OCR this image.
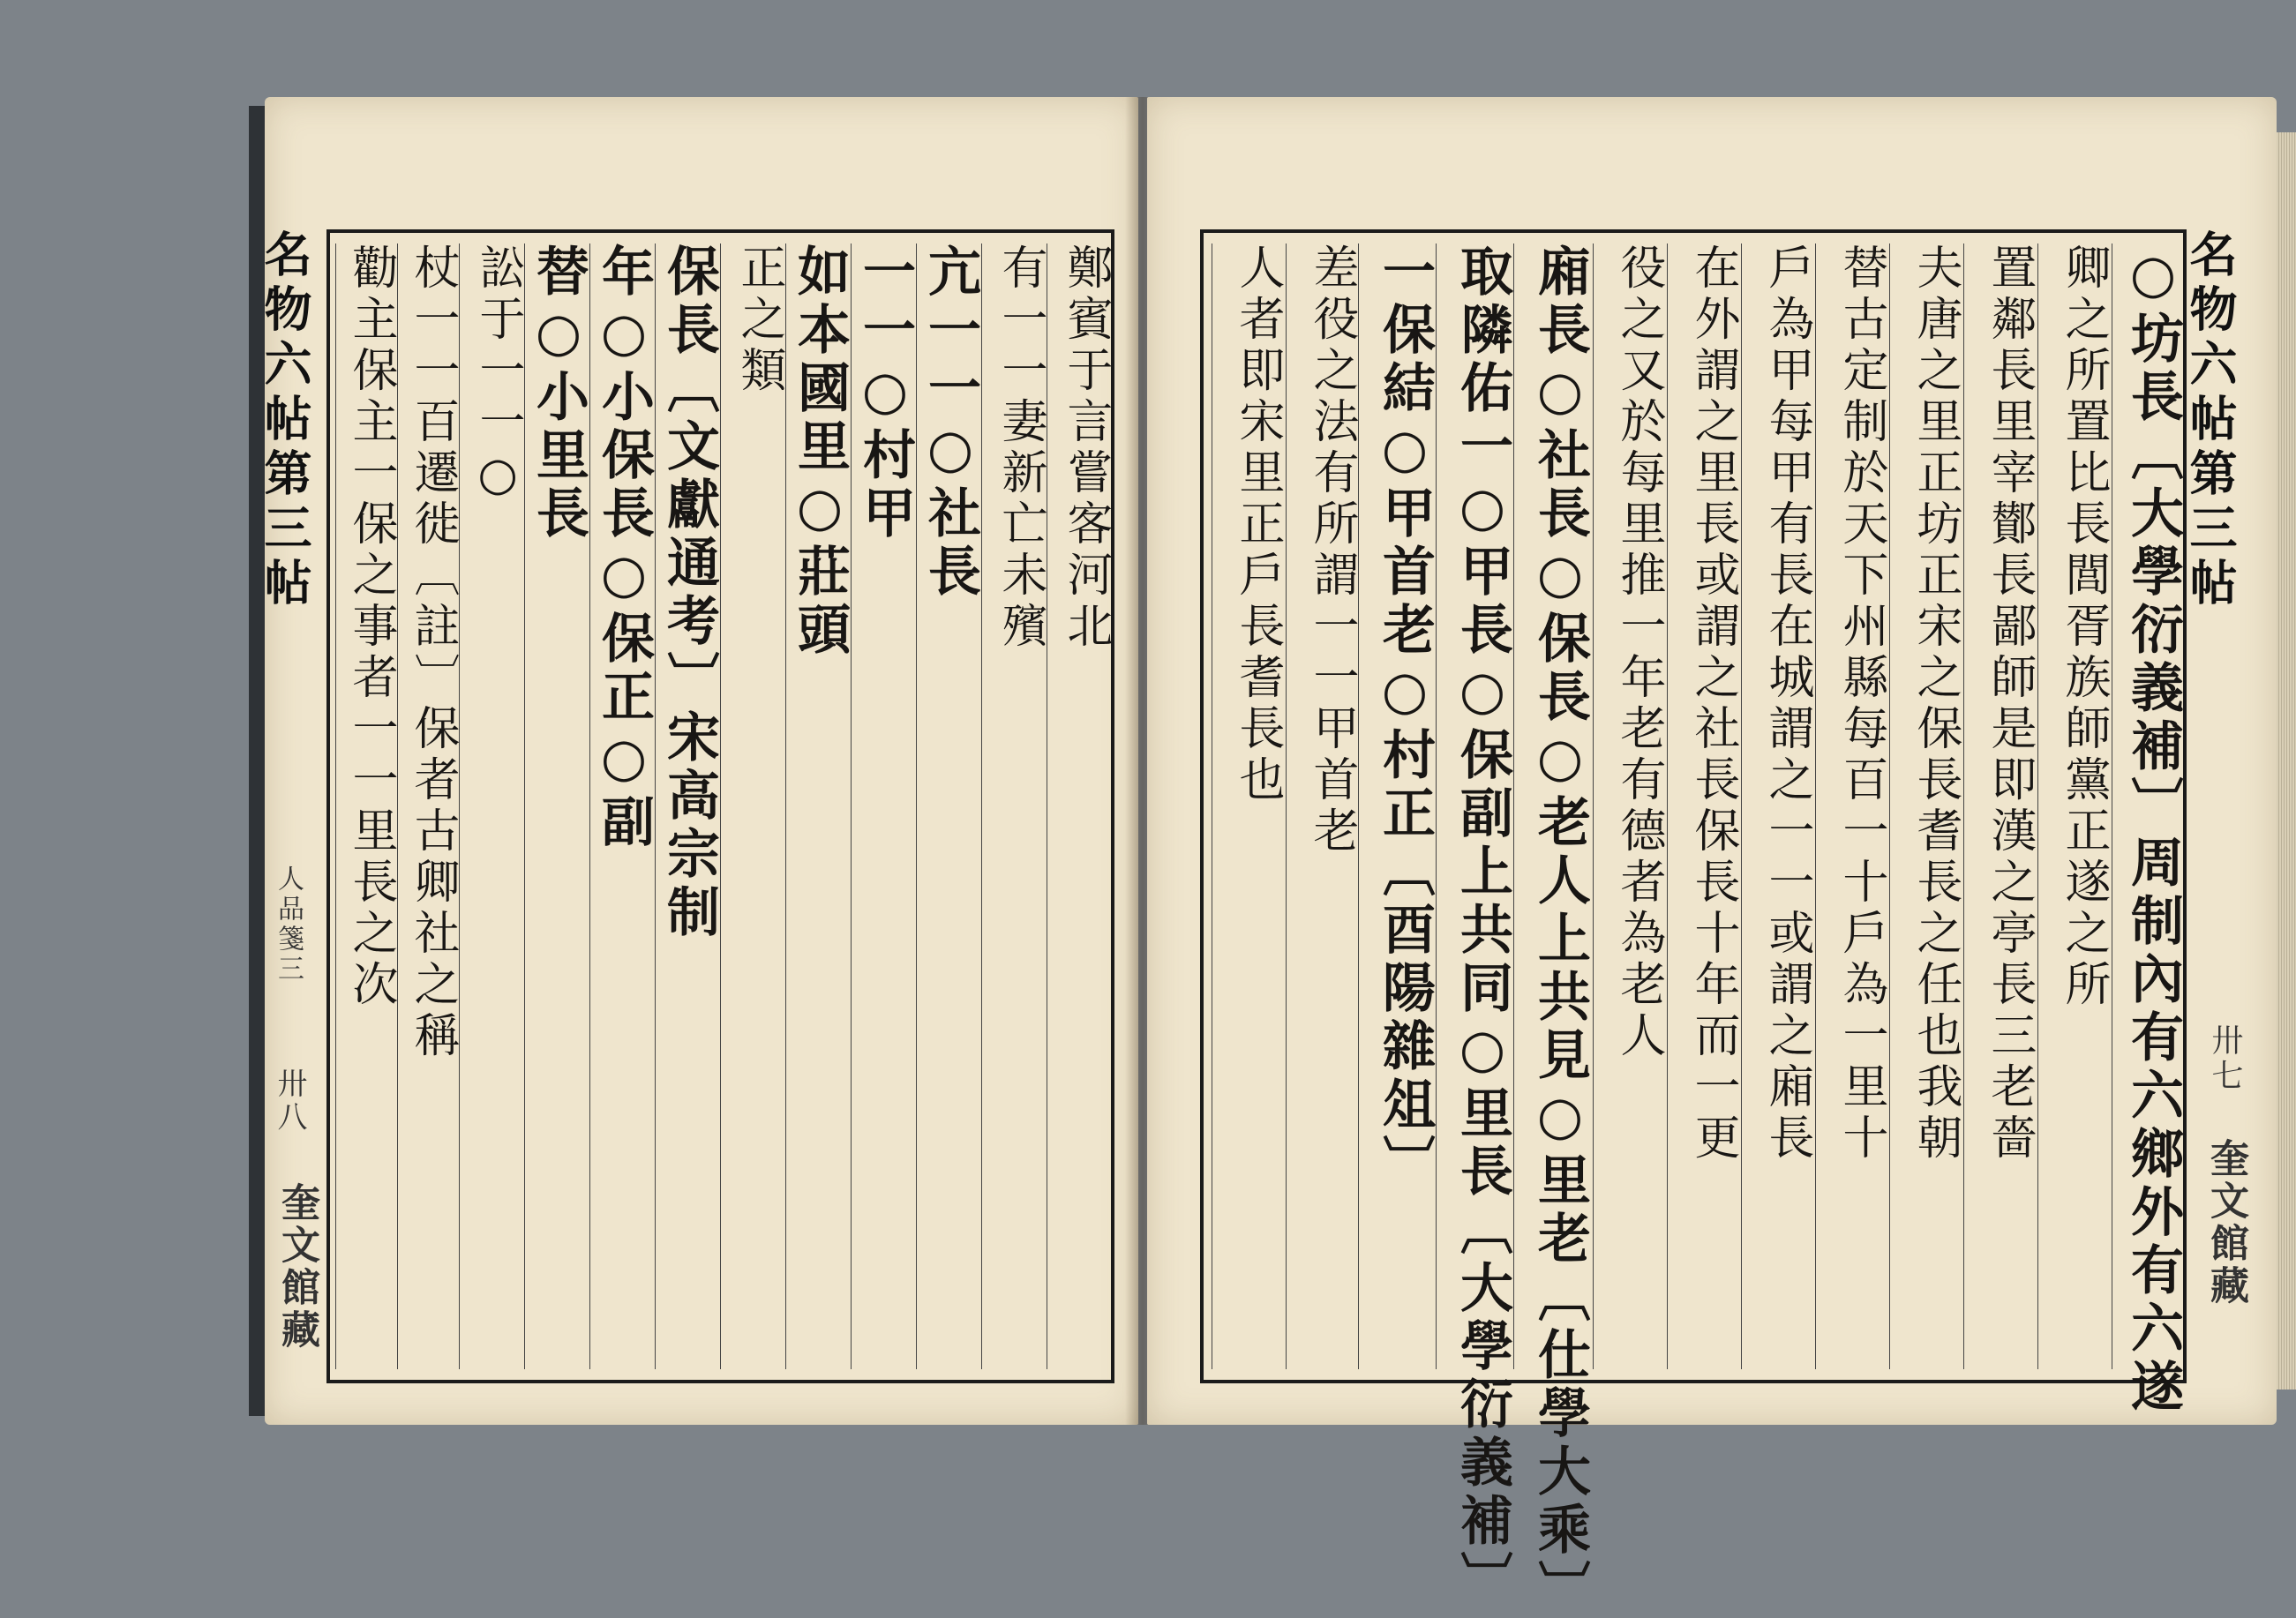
名物六帖第三帖
人品箋三
卅八
奎文館藏
鄭賓于言嘗客河北
有一一妻新亡未殯
亢一一○社長
一一○村甲
如本國里○莊頭
正之類
保長〔文獻通考〕宋高宗制
年○小保長○保正○副
替○小里長
訟于一一○
杖一一百遷徙〔註〕保者古卿社之稱
勸主保主一保之事者一一里長之次	○坊長〔大學衍義補〕周制內有六鄉外有六遂
卿之所置比長閭胥族師黨正遂之所
置鄰長里宰鄼長鄙師是即漢之亭長三老嗇
夫唐之里正坊正宋之保長耆長之任也我朝
替古定制於天下州縣每百一十戶為一里十
戶為甲每甲有長在城謂之一一或謂之廂長
在外謂之里長或謂之社長保長十年而一更
役之又於每里推一年老有德者為老人
廂長○社長○保長○老人上共見○里老〔仕學大乘〕
取隣佑一○甲長○保副上共同○里長〔大學衍義補〕
一保結○甲首老○村正〔酉陽雜俎〕
差役之法有所謂一一甲首老
人者即宋里正戶長耆長也	名物六帖第三帖
卅七
奎文館藏
